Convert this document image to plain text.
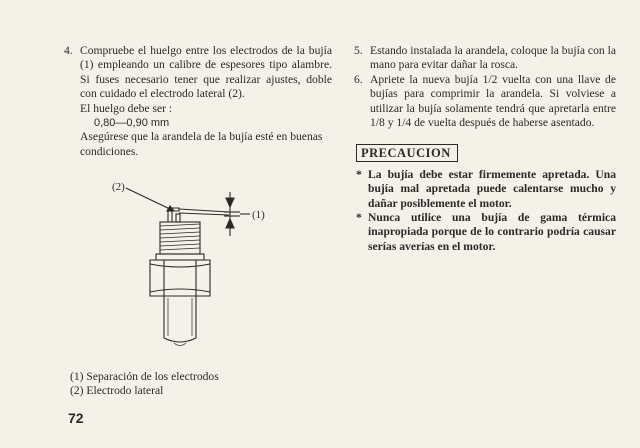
4. Compruebe el huelgo entre los electrodos de la bujía (1) empleando un calibre de espesores tipo alambre. Si fuses necesario tener que realizar ajustes, doble con cuidado el electrodo lateral (2).
El huelgo debe ser :
0,80—0,90 mm
Asegúrese que la arandela de la bujía esté en buenas condiciones.
(2)
(1)
(1) Separación de los electrodos
(2) Electrodo lateral
72
5. Estando instalada la arandela, coloque la bujía con la mano para evitar dañar la rosca.
6. Apriete la nueva bujía 1/2 vuelta con una llave de bujías para comprimir la arandela. Si volviese a utilizar la bujía solamente tendrá que apretarla entre 1/8 y 1/4 de vuelta después de haberse asentado.
PRECAUCION
* La bujía debe estar firmemente apretada. Una bujía mal apretada puede calentarse mucho y dañar posiblemente el motor.
* Nunca utilice una bujía de gama térmica inapropiada porque de lo contrario podría causar serías averías en el motor.
